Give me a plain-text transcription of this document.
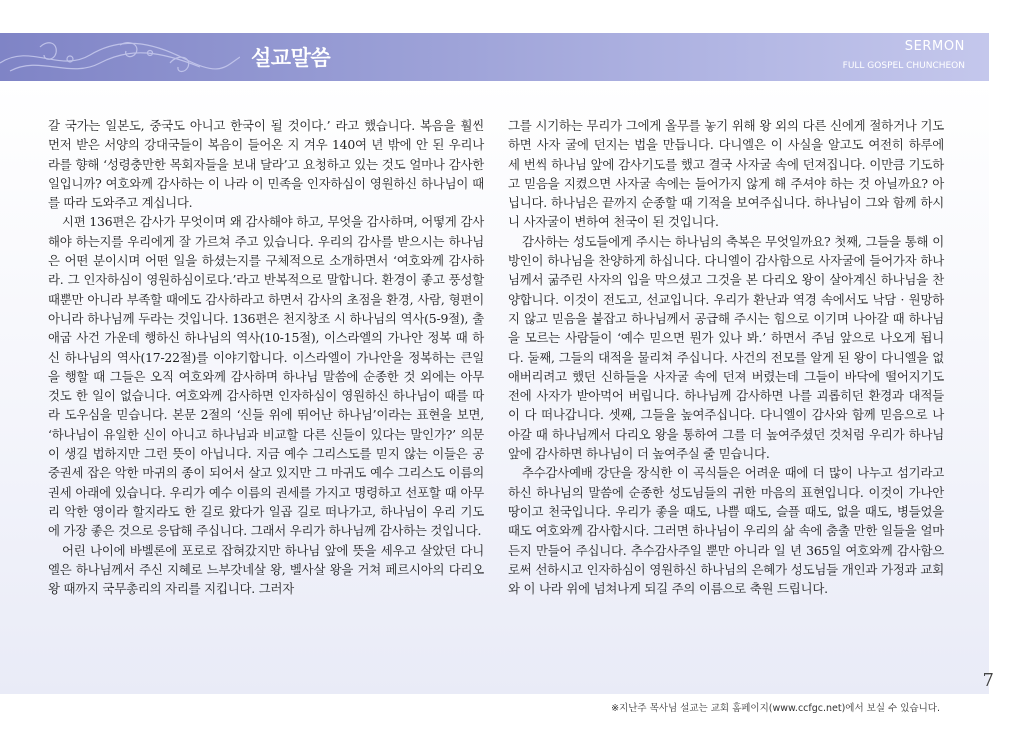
설교말씀	SERMON
FULL GOSPEL CHUNCHEON

갈 국가는 일본도, 중국도 아니고 한국이 될 것이다.’ 라고 했습니다. 복음을 훨씬 먼저 받은 서양의 강대국들이 복음이 들어온 지 겨우 140여 년 밖에 안 된 우리나라를 향해 ‘성령충만한 목회자들을 보내 달라’고 요청하고 있는 것도 얼마나 감사한 일입니까? 여호와께 감사하는 이 나라 이 민족을 인자하심이 영원하신 하나님이 때를 따라 도와주고 계십니다.

시편 136편은 감사가 무엇이며 왜 감사해야 하고, 무엇을 감사하며, 어떻게 감사해야 하는지를 우리에게 잘 가르쳐 주고 있습니다. 우리의 감사를 받으시는 하나님은 어떤 분이시며 어떤 일을 하셨는지를 구체적으로 소개하면서 ‘여호와께 감사하라. 그 인자하심이 영원하심이로다.’라고 반복적으로 말합니다. 환경이 좋고 풍성할 때뿐만 아니라 부족할 때에도 감사하라고 하면서 감사의 초점을 환경, 사람, 형편이 아니라 하나님께 두라는 것입니다. 136편은 천지창조 시 하나님의 역사(5-9절), 출애굽 사건 가운데 행하신 하나님의 역사(10-15절), 이스라엘의 가나안 정복 때 하신 하나님의 역사(17-22절)를 이야기합니다. 이스라엘이 가나안을 정복하는 큰일을 행할 때 그들은 오직 여호와께 감사하며 하나님 말씀에 순종한 것 외에는 아무 것도 한 일이 없습니다. 여호와께 감사하면 인자하심이 영원하신 하나님이 때를 따라 도우심을 믿습니다. 본문 2절의 ‘신들 위에 뛰어난 하나님’이라는 표현을 보면, ‘하나님이 유일한 신이 아니고 하나님과 비교할 다른 신들이 있다는 말인가?’ 의문이 생길 법하지만 그런 뜻이 아닙니다. 지금 예수 그리스도를 믿지 않는 이들은 공중권세 잡은 악한 마귀의 종이 되어서 살고 있지만 그 마귀도 예수 그리스도 이름의 권세 아래에 있습니다. 우리가 예수 이름의 권세를 가지고 명령하고 선포할 때 아무리 악한 영이라 할지라도 한 길로 왔다가 일곱 길로 떠나가고, 하나님이 우리 기도에 가장 좋은 것으로 응답해 주십니다. 그래서 우리가 하나님께 감사하는 것입니다.

어린 나이에 바벨론에 포로로 잡혀갔지만 하나님 앞에 뜻을 세우고 살았던 다니엘은 하나님께서 주신 지혜로 느부갓네살 왕, 벨사살 왕을 거쳐 페르시아의 다리오 왕 때까지 국무총리의 자리를 지킵니다. 그러자

그를 시기하는 무리가 그에게 올무를 놓기 위해 왕 외의 다른 신에게 절하거나 기도하면 사자 굴에 던지는 법을 만듭니다. 다니엘은 이 사실을 알고도 여전히 하루에 세 번씩 하나님 앞에 감사기도를 했고 결국 사자굴 속에 던져집니다. 이만큼 기도하고 믿음을 지켰으면 사자굴 속에는 들어가지 않게 해 주셔야 하는 것 아닐까요? 아닙니다. 하나님은 끝까지 순종할 때 기적을 보여주십니다. 하나님이 그와 함께 하시니 사자굴이 변하여 천국이 된 것입니다.

감사하는 성도들에게 주시는 하나님의 축복은 무엇일까요? 첫째, 그들을 통해 이방인이 하나님을 찬양하게 하십니다. 다니엘이 감사함으로 사자굴에 들어가자 하나님께서 굶주린 사자의 입을 막으셨고 그것을 본 다리오 왕이 살아계신 하나님을 찬양합니다. 이것이 전도고, 선교입니다. 우리가 환난과 역경 속에서도 낙담 · 원망하지 않고 믿음을 붙잡고 하나님께서 공급해 주시는 힘으로 이기며 나아갈 때 하나님을 모르는 사람들이 ‘예수 믿으면 뭔가 있나 봐.’ 하면서 주님 앞으로 나오게 됩니다. 둘째, 그들의 대적을 물리쳐 주십니다. 사건의 전모를 알게 된 왕이 다니엘을 없애버리려고 했던 신하들을 사자굴 속에 던져 버렸는데 그들이 바닥에 떨어지기도 전에 사자가 받아먹어 버립니다. 하나님께 감사하면 나를 괴롭히던 환경과 대적들이 다 떠나갑니다. 셋째, 그들을 높여주십니다. 다니엘이 감사와 함께 믿음으로 나아갈 때 하나님께서 다리오 왕을 통하여 그를 더 높여주셨던 것처럼 우리가 하나님 앞에 감사하면 하나님이 더 높여주실 줄 믿습니다.

추수감사예배 강단을 장식한 이 곡식들은 어려운 때에 더 많이 나누고 섬기라고 하신 하나님의 말씀에 순종한 성도님들의 귀한 마음의 표현입니다. 이것이 가나안 땅이고 천국입니다. 우리가 좋을 때도, 나쁠 때도, 슬플 때도, 없을 때도, 병들었을 때도 여호와께 감사합시다. 그러면 하나님이 우리의 삶 속에 춤출 만한 일들을 얼마든지 만들어 주십니다. 추수감사주일 뿐만 아니라 일 년 365일 여호와께 감사함으로써 선하시고 인자하심이 영원하신 하나님의 은혜가 성도님들 개인과 가정과 교회와 이 나라 위에 넘쳐나게 되길 주의 이름으로 축원 드립니다.

7
※지난주 목사님 설교는 교회 홈페이지(www.ccfgc.net)에서 보실 수 있습니다.
